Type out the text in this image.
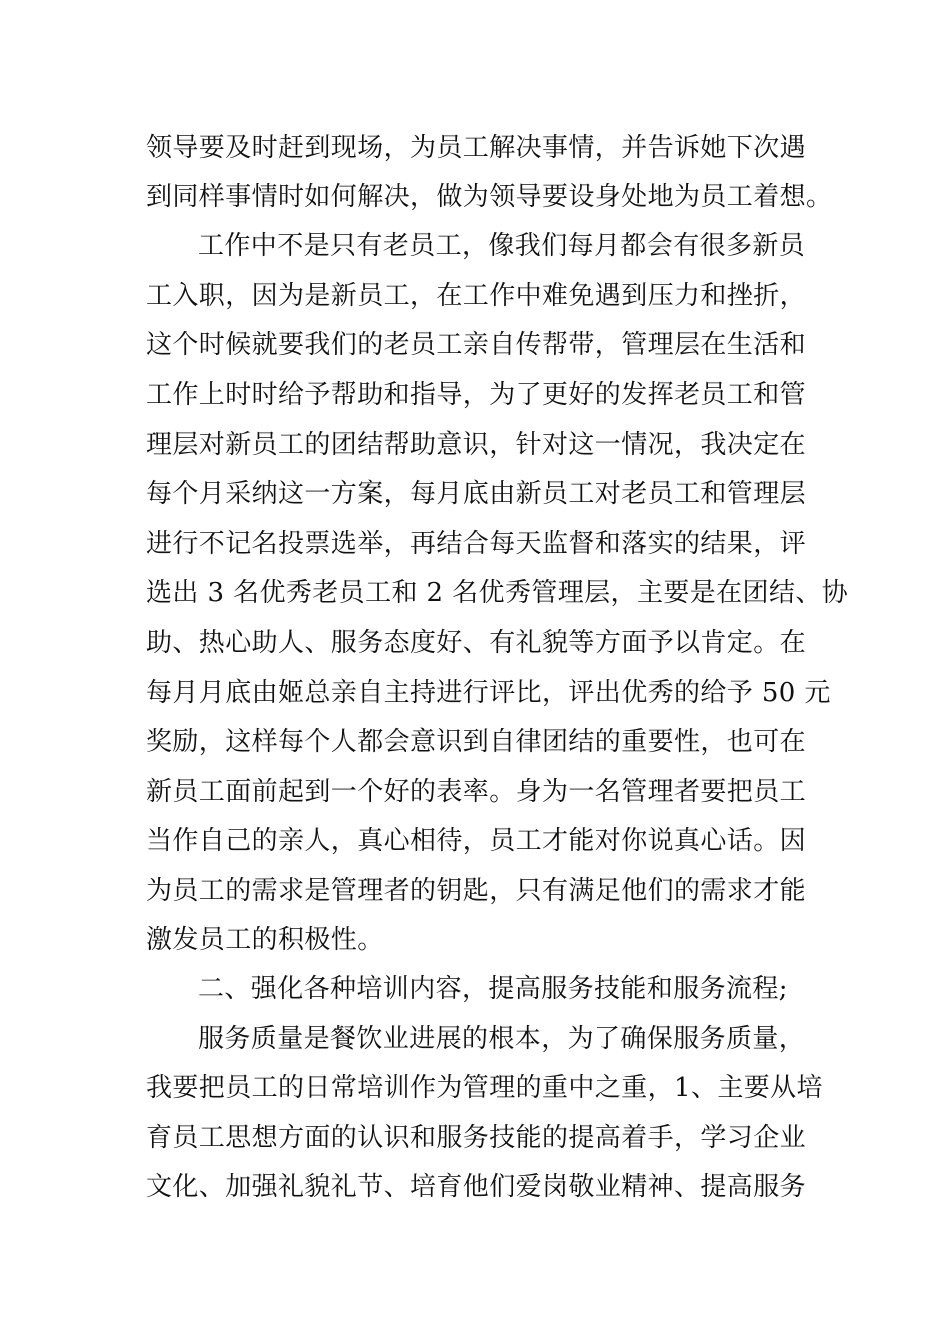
领导要及时赶到现场，为员工解决事情，并告诉她下次遇
到同样事情时如何解决，做为领导要设身处地为员工着想。
工作中不是只有老员工，像我们每月都会有很多新员
工入职，因为是新员工，在工作中难免遇到压力和挫折，
这个时候就要我们的老员工亲自传帮带，管理层在生活和
工作上时时给予帮助和指导，为了更好的发挥老员工和管
理层对新员工的团结帮助意识，针对这一情况，我决定在
每个月采纳这一方案，每月底由新员工对老员工和管理层
进行不记名投票选举，再结合每天监督和落实的结果，评
选出 3 名优秀老员工和 2 名优秀管理层，主要是在团结、协
助、热心助人、服务态度好、有礼貌等方面予以肯定。在
每月月底由姬总亲自主持进行评比，评出优秀的给予 50 元
奖励，这样每个人都会意识到自律团结的重要性，也可在
新员工面前起到一个好的表率。身为一名管理者要把员工
当作自己的亲人，真心相待，员工才能对你说真心话。因
为员工的需求是管理者的钥匙，只有满足他们的需求才能
激发员工的积极性。
二、强化各种培训内容，提高服务技能和服务流程;
服务质量是餐饮业进展的根本，为了确保服务质量，
我要把员工的日常培训作为管理的重中之重，1、主要从培
育员工思想方面的认识和服务技能的提高着手，学习企业
文化、加强礼貌礼节、培育他们爱岗敬业精神、提高服务
